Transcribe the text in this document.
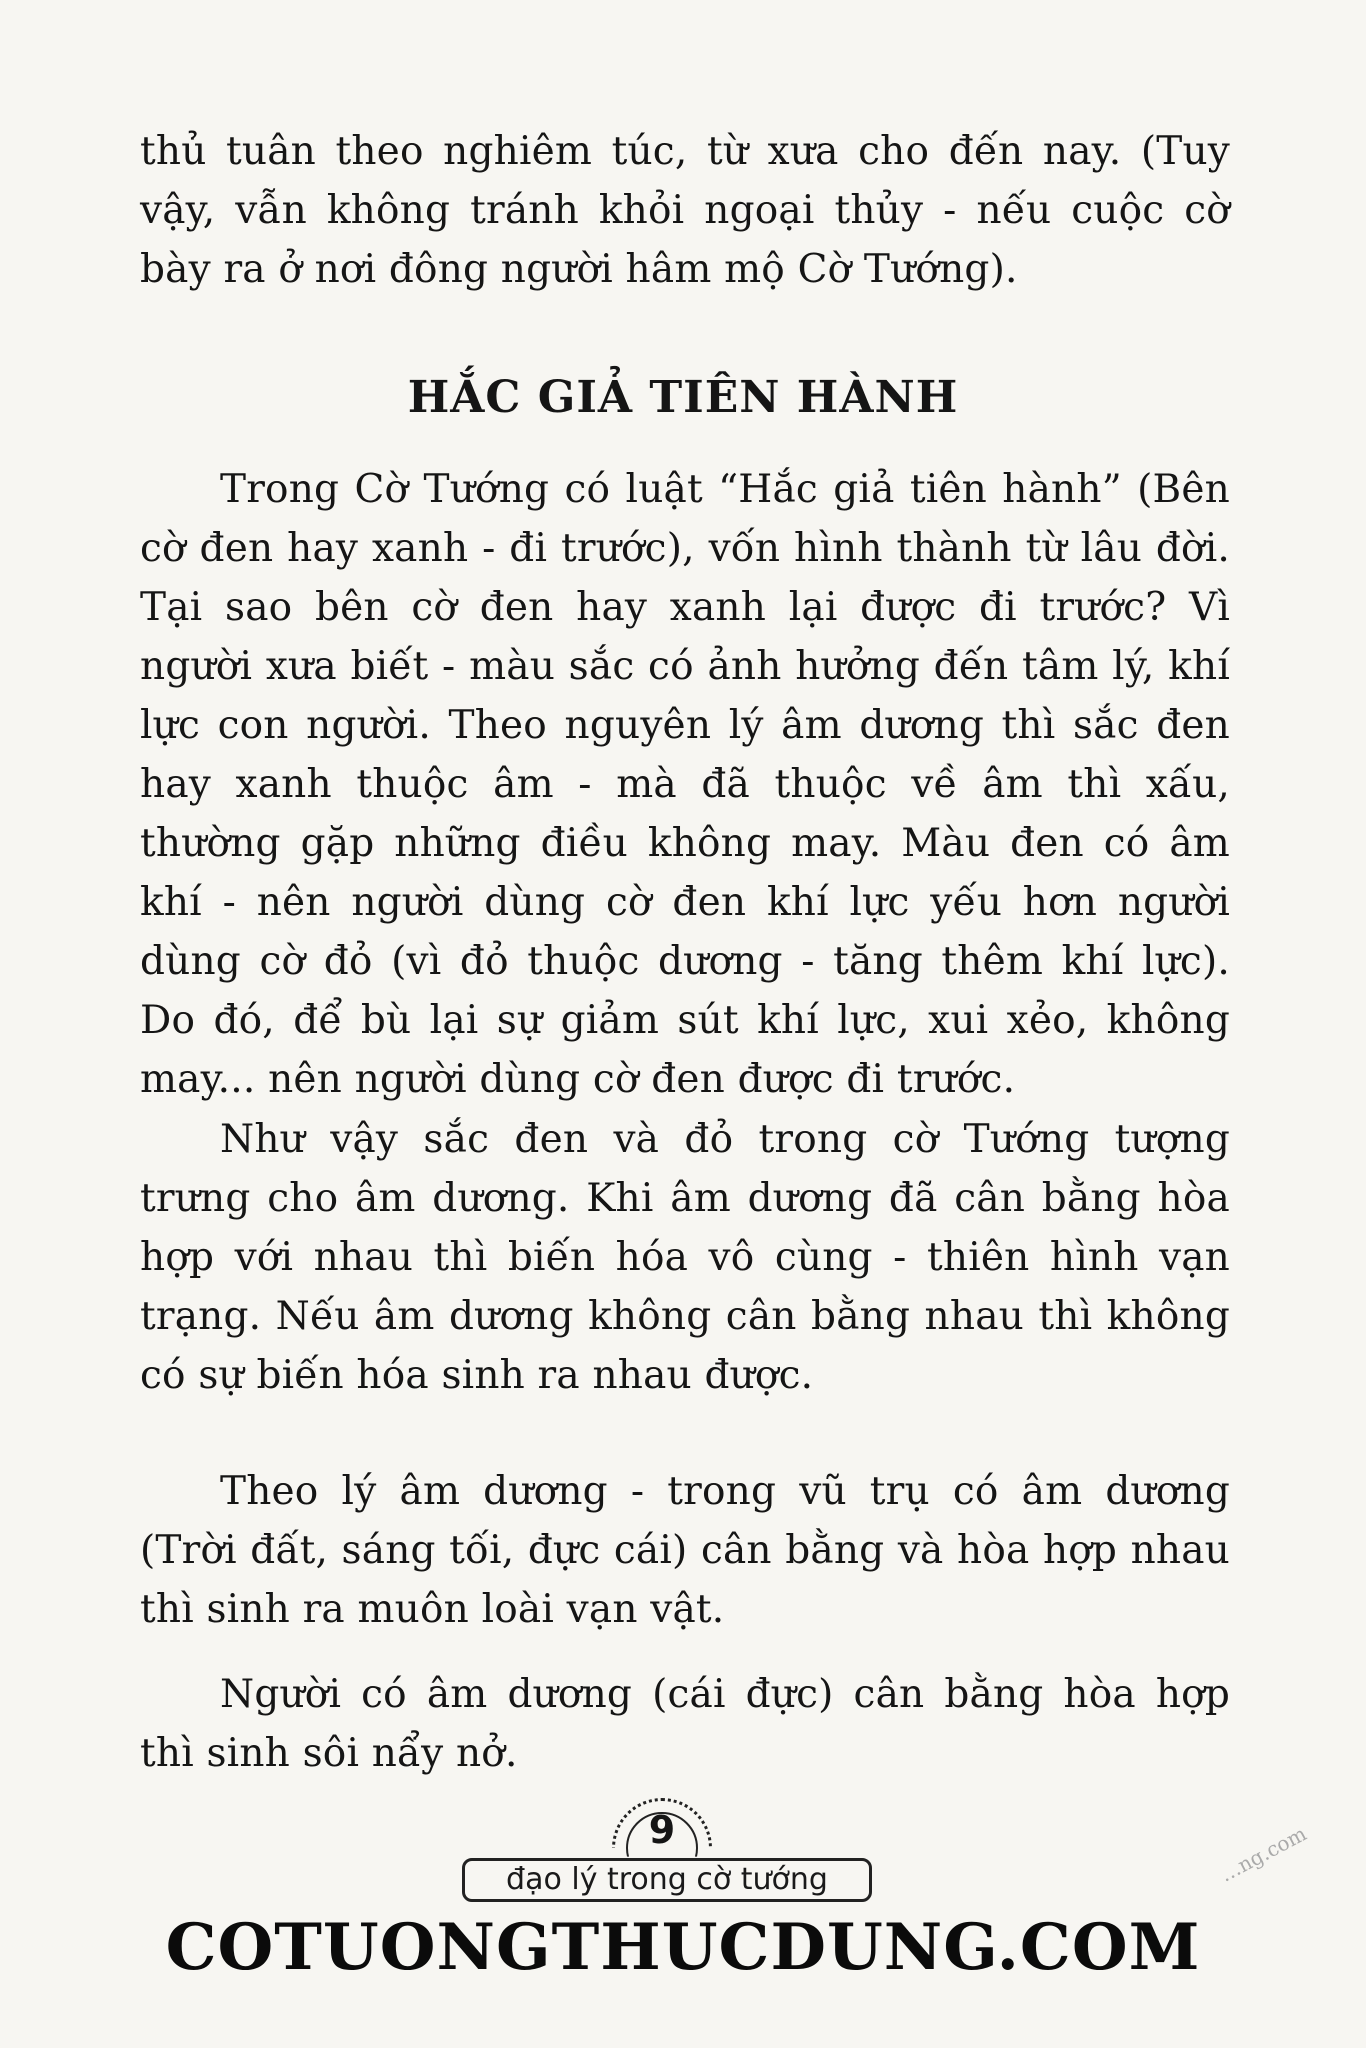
thủ tuân theo nghiêm túc, từ xưa cho đến nay. (Tuy vậy, vẫn không tránh khỏi ngoại thủy - nếu cuộc cờ bày ra ở nơi đông người hâm mộ Cờ Tướng).

HẮC GIẢ TIÊN HÀNH

Trong Cờ Tướng có luật “Hắc giả tiên hành” (Bên cờ đen hay xanh - đi trước), vốn hình thành từ lâu đời. Tại sao bên cờ đen hay xanh lại được đi trước? Vì người xưa biết - màu sắc có ảnh hưởng đến tâm lý, khí lực con người. Theo nguyên lý âm dương thì sắc đen hay xanh thuộc âm - mà đã thuộc về âm thì xấu, thường gặp những điều không may. Màu đen có âm khí - nên người dùng cờ đen khí lực yếu hơn người dùng cờ đỏ (vì đỏ thuộc dương - tăng thêm khí lực). Do đó, để bù lại sự giảm sút khí lực, xui xẻo, không may... nên người dùng cờ đen được đi trước.

Như vậy sắc đen và đỏ trong cờ Tướng tượng trưng cho âm dương. Khi âm dương đã cân bằng hòa hợp với nhau thì biến hóa vô cùng - thiên hình vạn trạng. Nếu âm dương không cân bằng nhau thì không có sự biến hóa sinh ra nhau được.

Theo lý âm dương - trong vũ trụ có âm dương (Trời đất, sáng tối, đực cái) cân bằng và hòa hợp nhau thì sinh ra muôn loài vạn vật.

Người có âm dương (cái đực) cân bằng hòa hợp thì sinh sôi nẩy nở.

9
đạo lý trong cờ tướng	…ng.com
COTUONGTHUCDUNG.COM
